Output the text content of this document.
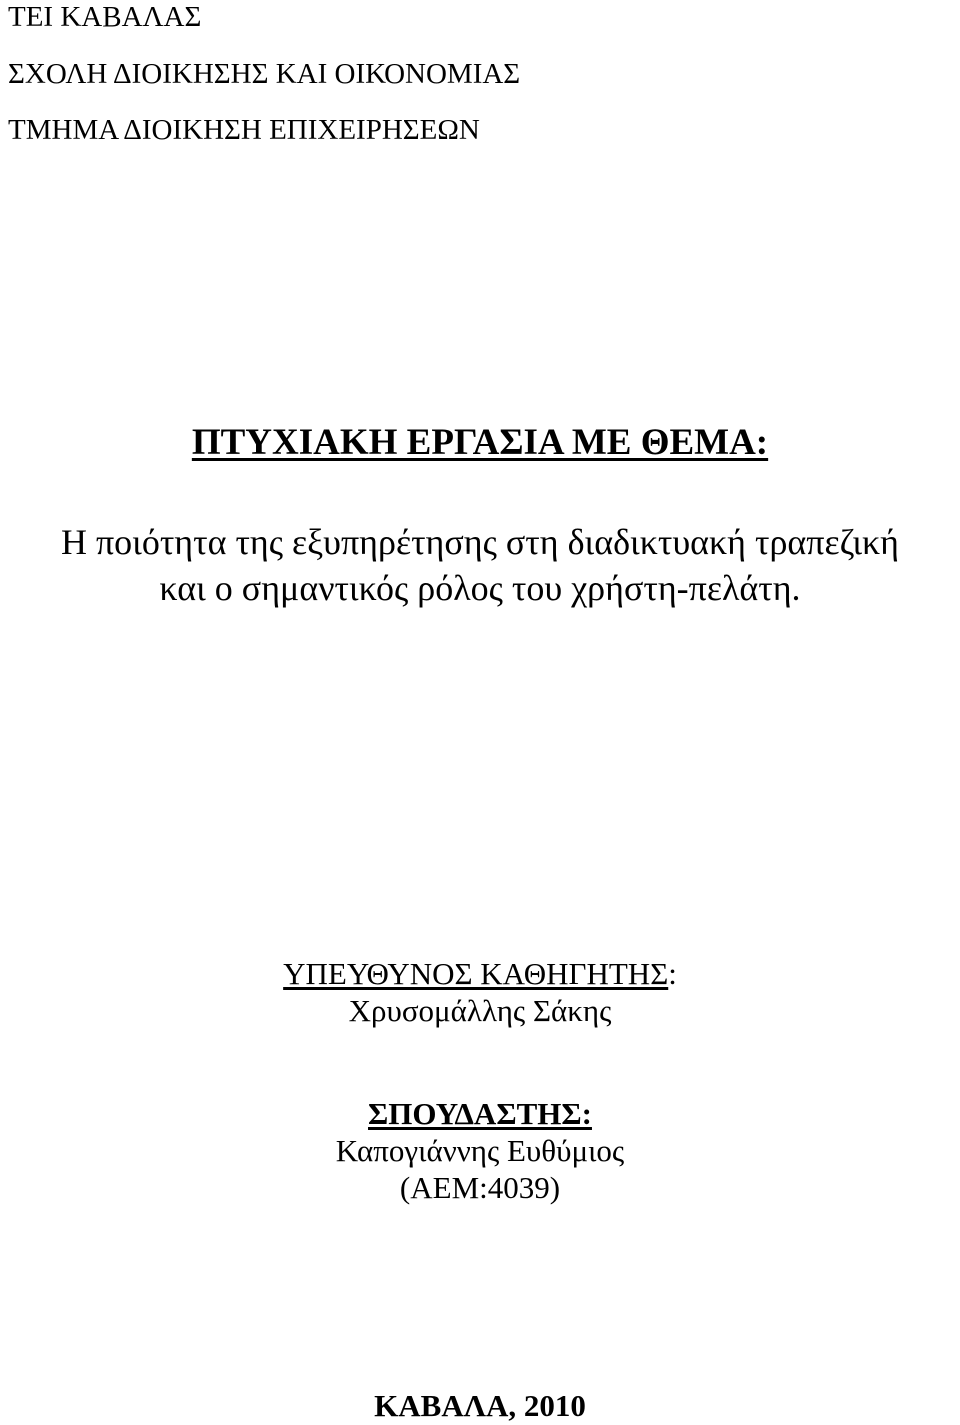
ΤΕΙ ΚΑΒΑΛΑΣ
ΣΧΟΛΗ ΔΙΟΙΚΗΣΗΣ ΚΑΙ ΟΙΚΟΝΟΜΙΑΣ
ΤΜΗΜΑ ΔΙΟΙΚΗΣΗ ΕΠΙΧΕΙΡΗΣΕΩΝ
ΠΤΥΧΙΑΚΗ ΕΡΓΑΣΙΑ ΜΕ ΘΕΜΑ:
Η ποιότητα της εξυπηρέτησης στη διαδικτυακή τραπεζική
και ο σημαντικός ρόλος του χρήστη-πελάτη.
ΥΠΕΥΘΥΝΟΣ ΚΑΘΗΓΗΤΗΣ:
Χρυσομάλλης Σάκης
ΣΠΟΥΔΑΣΤΗΣ:
Καπογιάννης Ευθύμιος
(ΑΕΜ:4039)
ΚΑΒΑΛΑ, 2010
